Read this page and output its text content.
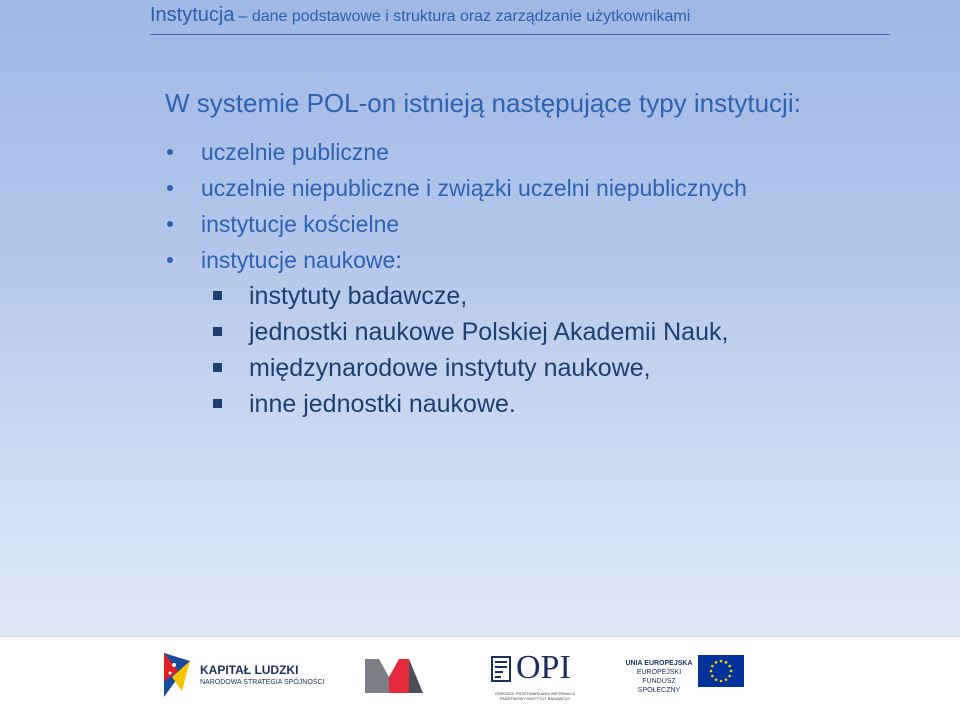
Instytucja – dane podstawowe i struktura oraz zarządzanie użytkownikami

W systemie POL-on istnieją następujące typy instytucji:

uczelnie publiczne
uczelnie niepubliczne i związki uczelni niepublicznych
instytucje kościelne
instytucje naukowe:
instytuty badawcze,
jednostki naukowe Polskiej Akademii Nauk,
międzynarodowe instytuty naukowe,
inne jednostki naukowe.
KAPITAŁ LUDZKI
NARODOWA STRATEGIA SPÓJNOŚCI	OPI
OŚRODEK PRZETWARZANIA INFORMACJI PAŃSTWOWY INSTYTUT BADAWCZY
UNIA EUROPEJSKA
EUROPEJSKI FUNDUSZ SPOŁECZNY
